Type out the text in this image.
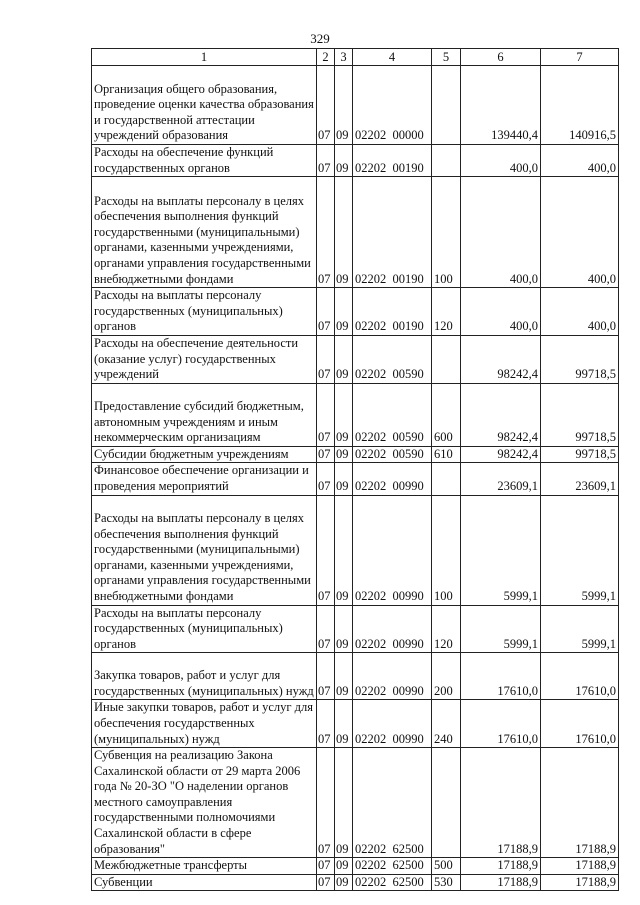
329
1	2	3	4	5	6	7
Организация общего образования, проведение оценки качества образования и государственной аттестации учреждений образования	07	09	02202  00000		139440,4	140916,5
Расходы на обеспечение функций государственных органов	07	09	02202  00190		400,0	400,0
Расходы на выплаты персоналу в целях обеспечения выполнения функций государственными (муниципальными) органами, казенными учреждениями, органами управления государственными внебюджетными фондами	07	09	02202  00190	100	400,0	400,0
Расходы на выплаты персоналу государственных (муниципальных) органов	07	09	02202  00190	120	400,0	400,0
Расходы на обеспечение деятельности (оказание услуг) государственных учреждений	07	09	02202  00590		98242,4	99718,5
Предоставление субсидий бюджетным, автономным учреждениям и иным некоммерческим организациям	07	09	02202  00590	600	98242,4	99718,5
Субсидии бюджетным учреждениям	07	09	02202  00590	610	98242,4	99718,5
Финансовое обеспечение организации и проведения мероприятий	07	09	02202  00990		23609,1	23609,1
Расходы на выплаты персоналу в целях обеспечения выполнения функций государственными (муниципальными) органами, казенными учреждениями, органами управления государственными внебюджетными фондами	07	09	02202  00990	100	5999,1	5999,1
Расходы на выплаты персоналу государственных (муниципальных) органов	07	09	02202  00990	120	5999,1	5999,1
Закупка товаров, работ и услуг для государственных (муниципальных) нужд	07	09	02202  00990	200	17610,0	17610,0
Иные закупки товаров, работ и услуг для обеспечения государственных (муниципальных) нужд	07	09	02202  00990	240	17610,0	17610,0
Субвенция на реализацию Закона Сахалинской области от 29 марта 2006 года № 20-ЗО "О наделении органов местного самоуправления государственными полномочиями Сахалинской области в сфере образования"	07	09	02202  62500		17188,9	17188,9
Межбюджетные трансферты	07	09	02202  62500	500	17188,9	17188,9
Субвенции	07	09	02202  62500	530	17188,9	17188,9
